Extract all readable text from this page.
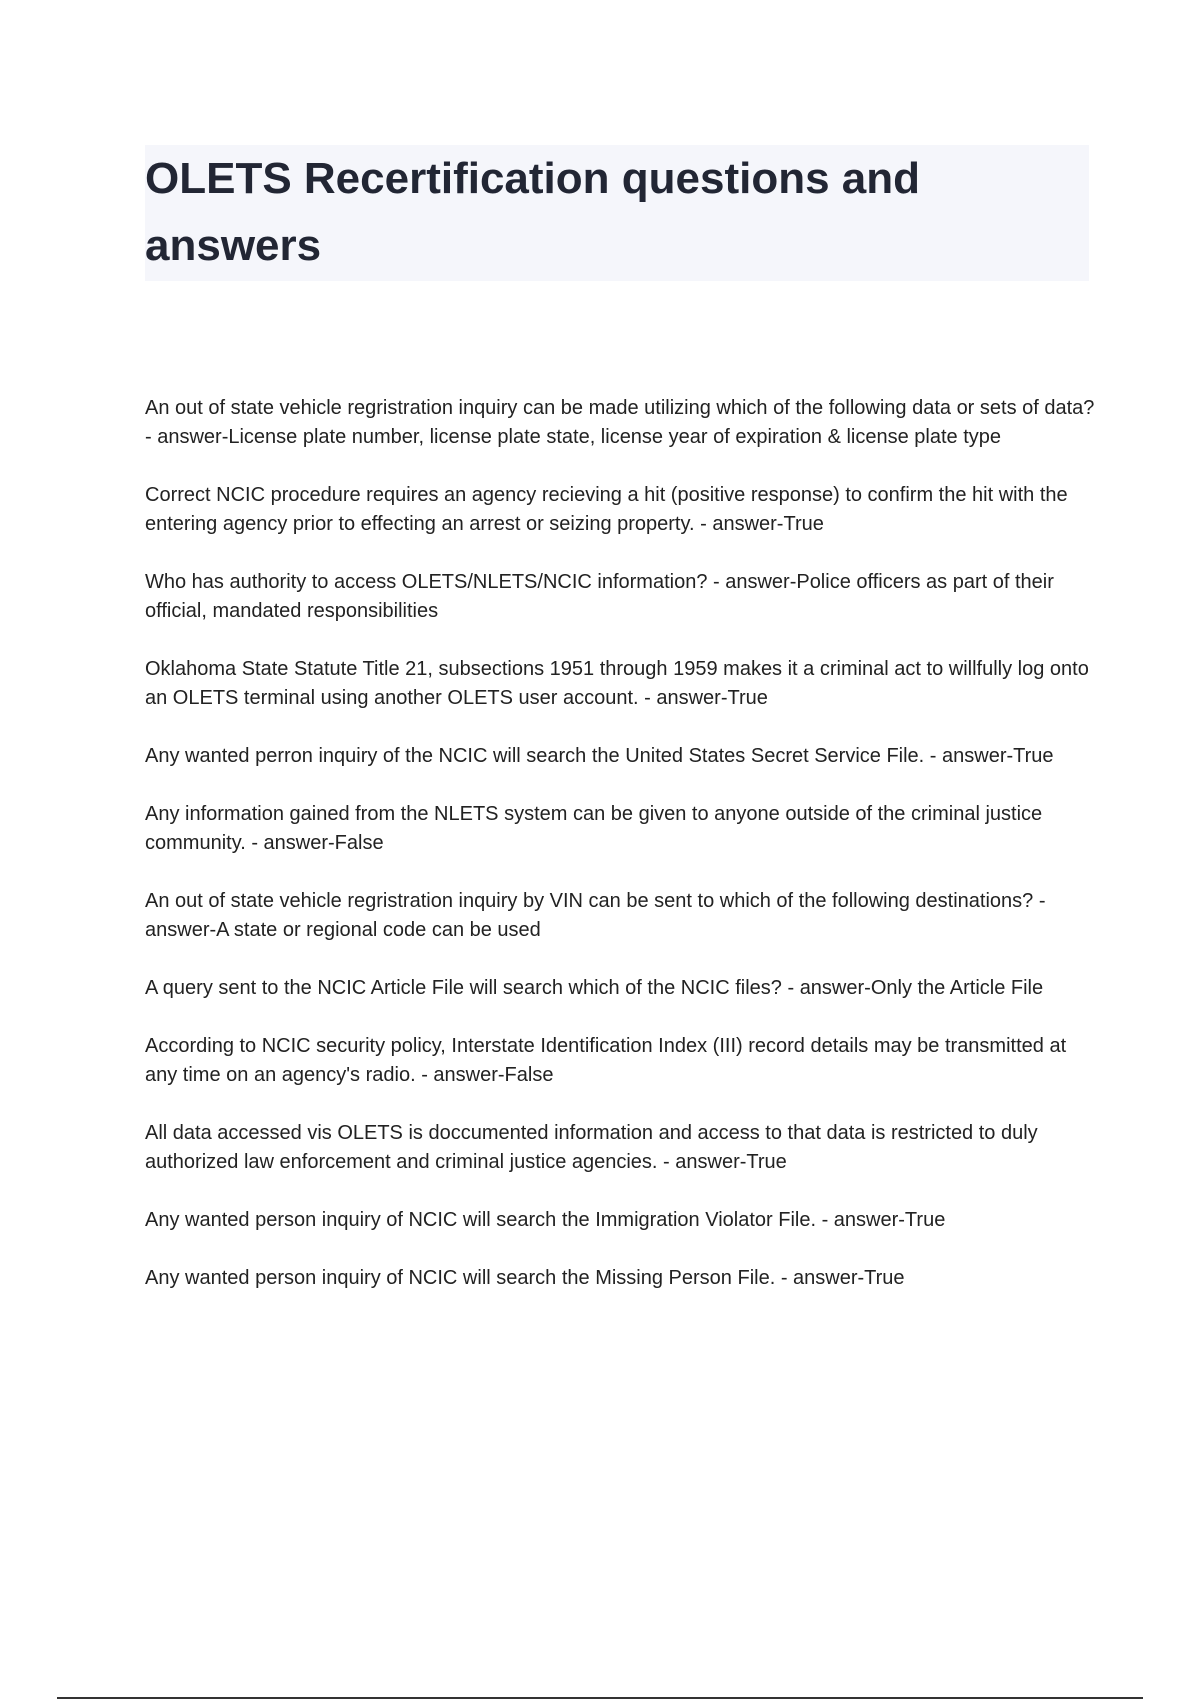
OLETS Recertification questions and answers
An out of state vehicle regristration inquiry can be made utilizing which of the following data or sets of data? - answer-License plate number, license plate state, license year of expiration & license plate type
Correct NCIC procedure requires an agency recieving a hit (positive response) to confirm the hit with the entering agency prior to effecting an arrest or seizing property. - answer-True
Who has authority to access OLETS/NLETS/NCIC information? - answer-Police officers as part of their official, mandated responsibilities
Oklahoma State Statute Title 21, subsections 1951 through 1959 makes it a criminal act to willfully log onto an OLETS terminal using another OLETS user account. - answer-True
Any wanted perron inquiry of the NCIC will search the United States Secret Service File. - answer-True
Any information gained from the NLETS system can be given to anyone outside of the criminal justice community. - answer-False
An out of state vehicle regristration inquiry by VIN can be sent to which of the following destinations? - answer-A state or regional code can be used
A query sent to the NCIC Article File will search which of the NCIC files? - answer-Only the Article File
According to NCIC security policy, Interstate Identification Index (III) record details may be transmitted at any time on an agency's radio. - answer-False
All data accessed vis OLETS is doccumented information and access to that data is restricted to duly authorized law enforcement and criminal justice agencies. - answer-True
Any wanted person inquiry of NCIC will search the Immigration Violator File. - answer-True
Any wanted person inquiry of NCIC will search the Missing Person File. - answer-True
